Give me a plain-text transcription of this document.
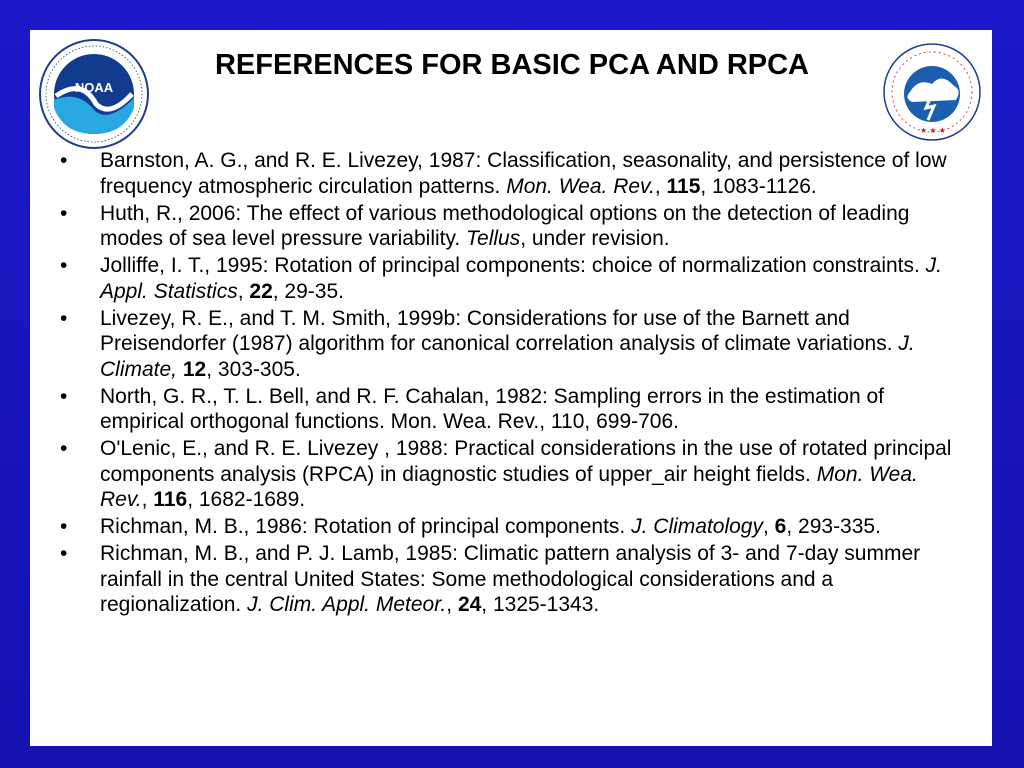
NOAA
★ ★ ★
REFERENCES FOR BASIC PCA AND RPCA
•	Barnston, A. G., and R. E. Livezey, 1987: Classification, seasonality, and persistence of low frequency atmospheric circulation patterns. Mon. Wea. Rev., 115, 1083-1126.
•	Huth, R., 2006: The effect of various methodological options on the detection of leading modes of sea level pressure variability. Tellus, under revision.
•	Jolliffe, I. T., 1995: Rotation of principal components: choice of normalization constraints. J. Appl. Statistics, 22, 29-35.
•	Livezey, R. E., and T. M. Smith, 1999b: Considerations for use of the Barnett and Preisendorfer (1987) algorithm for canonical correlation analysis of climate variations. J. Climate, 12, 303-305.
•	North, G. R., T. L. Bell, and R. F. Cahalan, 1982: Sampling errors in the estimation of empirical orthogonal functions. Mon. Wea. Rev., 110, 699-706.
•	O'Lenic, E., and R. E. Livezey , 1988: Practical considerations in the use of rotated principal components analysis (RPCA) in diagnostic studies of upper_air height fields. Mon. Wea. Rev., 116, 1682-1689.
•	Richman, M. B., 1986: Rotation of principal components. J. Climatology, 6, 293-335.
•	Richman, M. B., and P. J. Lamb, 1985: Climatic pattern analysis of 3- and 7-day summer rainfall in the central United States: Some methodological considerations and a regionalization. J. Clim. Appl. Meteor., 24, 1325-1343.
